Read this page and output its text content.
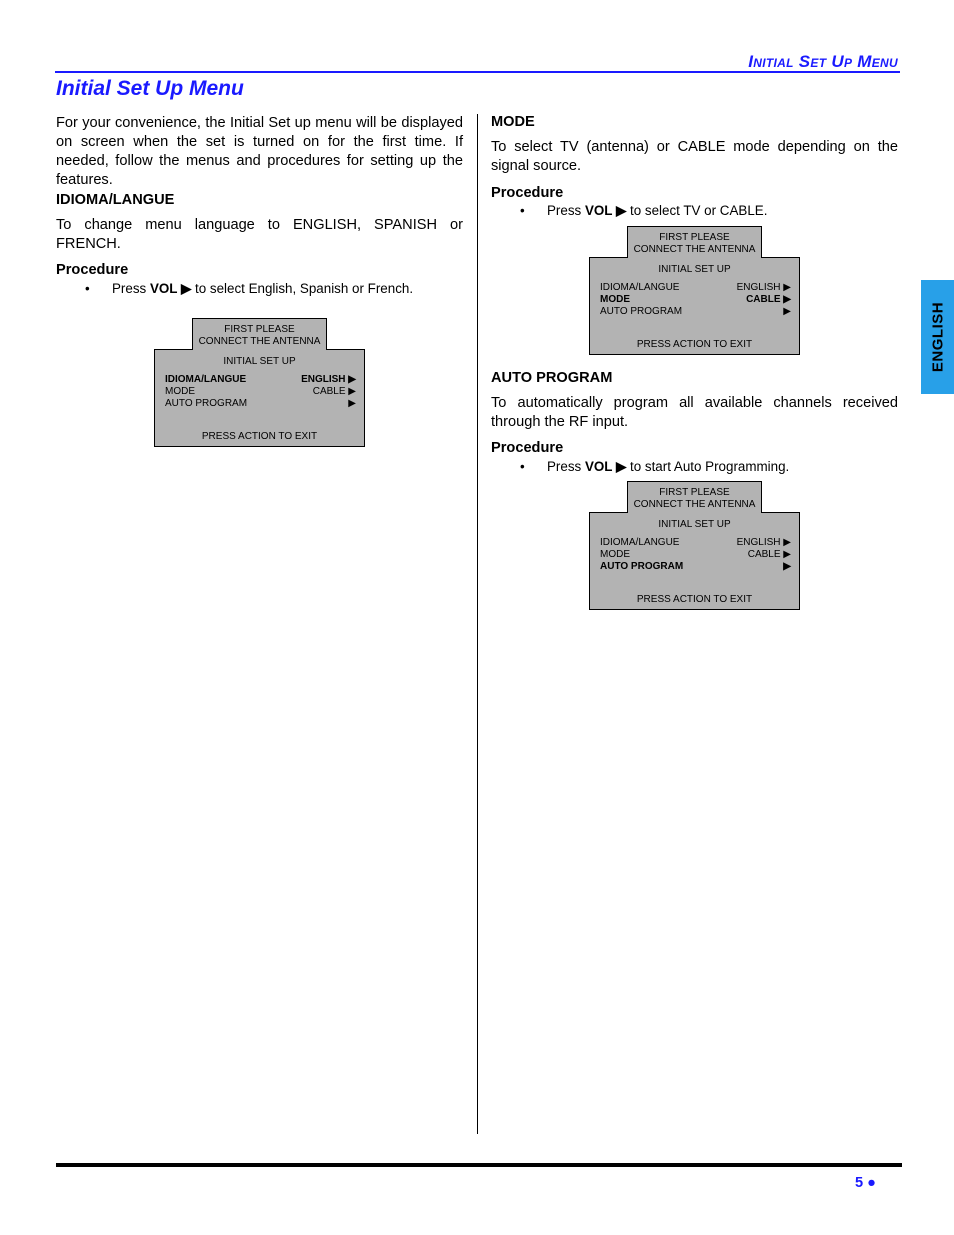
Initial Set Up Menu
Initial Set Up Menu
For your convenience, the Initial Set up menu will be displayed on screen when the set is turned on for the first time. If needed, follow the menus and procedures for setting up the features.
IDIOMA/LANGUE
To change menu language to ENGLISH, SPANISH or FRENCH.
Procedure
• Press VOL ▶ to select English, Spanish or French.
FIRST PLEASE
CONNECT THE ANTENNA
INITIAL SET UP
IDIOMA/LANGUE	ENGLISH ▶
MODE	CABLE ▶
AUTO PROGRAM	▶
PRESS ACTION TO EXIT
MODE
To select TV (antenna) or CABLE mode depending on the signal source.
Procedure
• Press VOL ▶ to select TV or CABLE.
FIRST PLEASE
CONNECT THE ANTENNA
INITIAL SET UP
IDIOMA/LANGUE	ENGLISH ▶
MODE	CABLE ▶
AUTO PROGRAM	▶
PRESS ACTION TO EXIT
AUTO PROGRAM
To automatically program all available channels received through the RF input.
Procedure
• Press VOL ▶ to start Auto Programming.
FIRST PLEASE
CONNECT THE ANTENNA
INITIAL SET UP
IDIOMA/LANGUE	ENGLISH ▶
MODE	CABLE ▶
AUTO PROGRAM	▶
PRESS ACTION TO EXIT
ENGLISH
5 ●
